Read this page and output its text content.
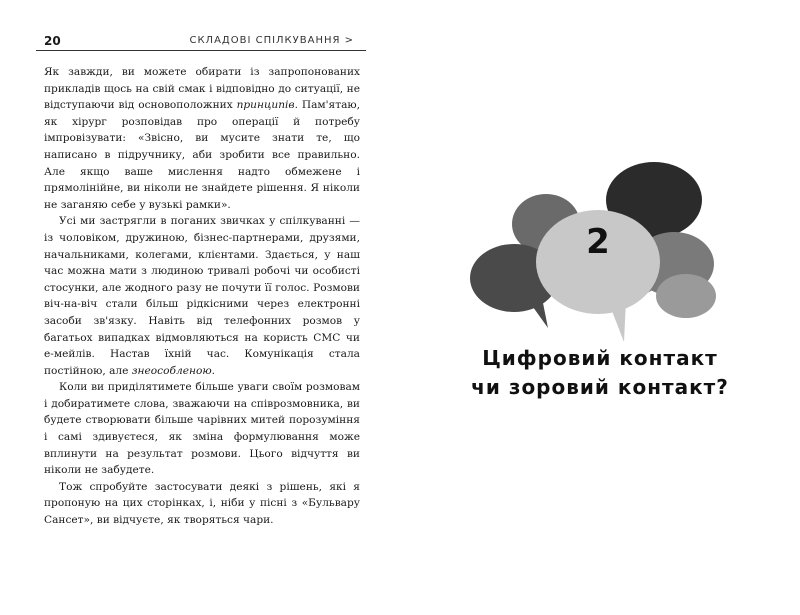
20	СКЛАДОВІ СПІЛКУВАННЯ >

Як завжди, ви можете обирати із запропонованих прикладів щось на свій смак і відповідно до ситуації, не відступаючи від основоположних принципів. Пам'ятаю, як хірург розповідав про операції й потребу імпровізувати: «Звісно, ви мусите знати те, що написано в підручнику, аби зробити все правильно. Але якщо ваше мислення надто обмежене і прямолінійне, ви ніколи не знайдете рішення. Я ніколи не заганяю себе у вузькі рамки».

Усі ми застрягли в поганих звичках у спілкуванні — із чоловіком, дружиною, бізнес-партнерами, друзями, начальниками, колегами, клієнтами. Здається, у наш час можна мати з людиною тривалі робочі чи особисті стосунки, але жодного разу не почути її голос. Розмови віч-на-віч стали більш рідкісними через електронні засоби зв'язку. Навіть від телефонних розмов у багатьох випадках відмовляються на користь СМС чи е-мейлів. Настав їхній час. Комунікація стала постійною, але знеособленою.

Коли ви приділятимете більше уваги своїм розмовам і добиратимете слова, зважаючи на співрозмовника, ви будете створювати більше чарівних митей порозуміння і самі здивуєтеся, як зміна формулювання може вплинути на результат розмови. Цього відчуття ви ніколи не забудете.

Тож спробуйте застосувати деякі з рішень, які я пропоную на цих сторінках, і, ніби у пісні з «Бульвару Сансет», ви відчуєте, як творяться чари.

2
Цифровий контакт
чи зоровий контакт?
